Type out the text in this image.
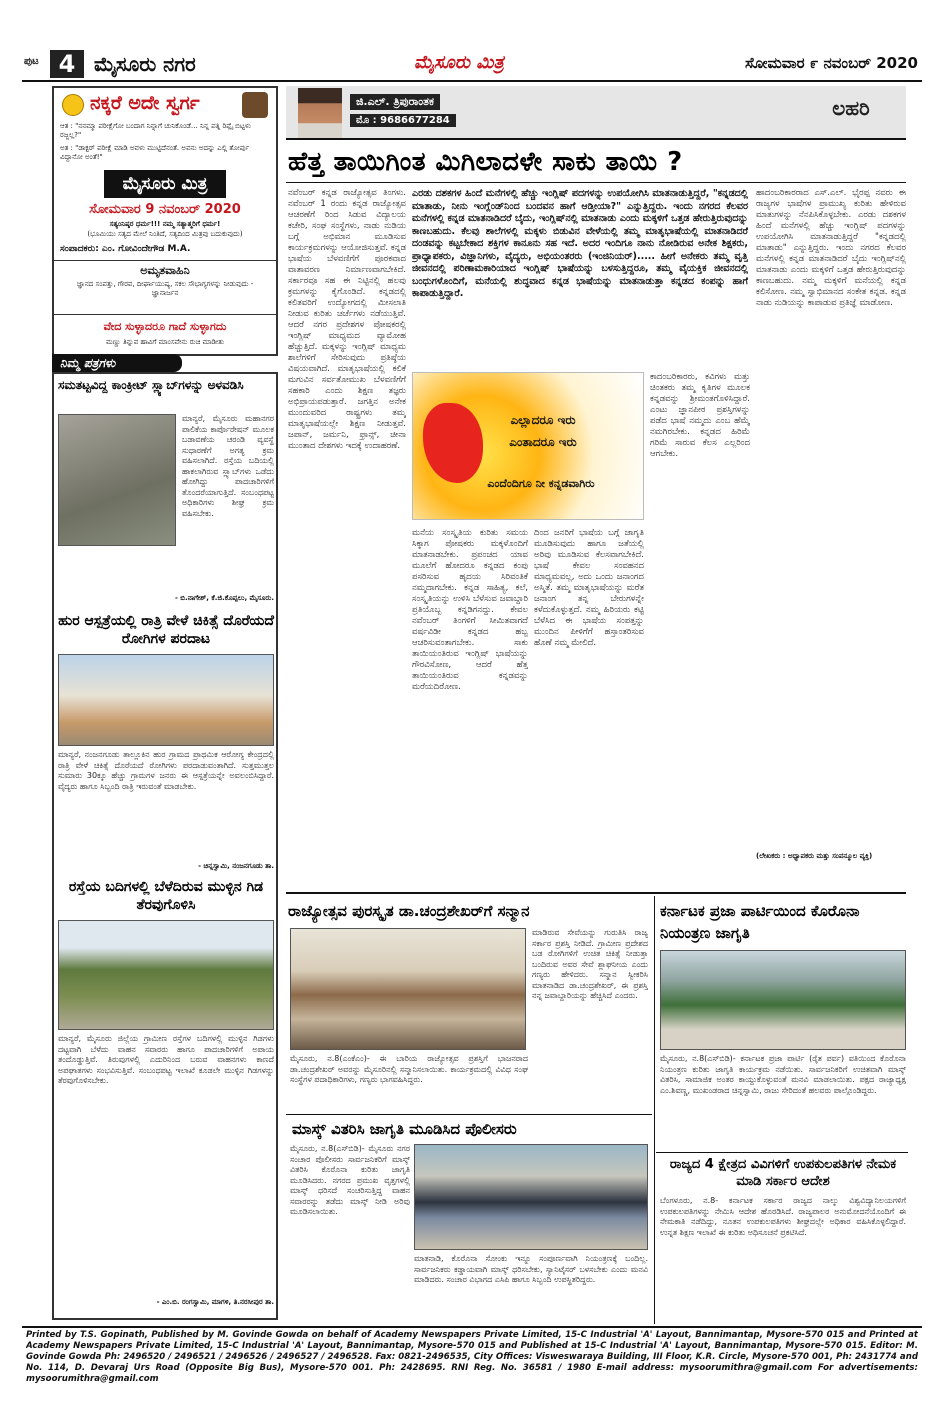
ಪುಟ 4 ಮೈಸೂರು ನಗರ	ಮೈಸೂರು ಮಿತ್ರ	ಸೋಮವಾರ ೯ ನವಂಬರ್ 2020
ನಕ್ಕರೆ ಅದೇ ಸ್ವರ್ಗ
ಆತ : "ನನಮ್ಮಾ ಪರೀಕ್ಷೆಗೋ ಬಂದಾಗ ನಿನ್ನಾಗೆ ಚುನಿಕೊಂಡೆ… ನಿನ್ನ ಪತ್ನಿ ರಿಪ್ಲೈ ಬಿಟ್ಟಳು ರಜ್ಜಲ್ಲ?"
ಅತ : "ಡಾಕ್ಟರ್ ಪರೀಕ್ಷೆ ಮಾಡಿ ಅವಳು ಮುಟ್ಟಿದೆನಂತೆ. ಅವನು ಅದನ್ನು ಎಲ್ಲಿ ತೋರ್ಪು ವಿದ್ದಾನೋ ಅಂತೆ!"
ಮೈಸೂರು ಮಿತ್ರ
ಸೋಮವಾರ 9 ನವಂಬರ್ 2020
ಸತ್ಯಂನಿಷ್ಠರ ಧರ್ಮ!!! ನಮ್ಮ ಸತ್ಯಾತ್ಮರಿಗೆ ಧರ್ಮ!
(ಭೂಮಿಯು ಸತ್ಯದ ಮೇಲೆ ನಿಂತಿದೆ, ಸತ್ಯದಿಂದ ಮಿತ್ರವು ಬದುಕುವುದು)
ಸಂಪಾದಕರು: ಎಂ. ಗೋವಿಂದೇಗೌಡ M.A.
ಅಮೃತವಾಹಿನಿ
ಜ್ಞಾನದ ಸಂಪತ್ತು, ಗೌರವ, ದೀರ್ಘಾಯುಷ್ಯ, ಸಕಲ ಸೌಭಾಗ್ಯಗಳನ್ನು ನೀಡುವುದು - ಜ್ಞಾನಾರ್ಜನ
ವೇದ ಸುಳ್ಳಾದರೂ ಗಾದೆ ಸುಳ್ಳಾಗದು
ಮಣ್ಣು ತಿನ್ನುವ ಹಾವಿಗೆ ಮಾಂಸವೇನು ರುಚಿ ಮಾಡೀತು
ನಿಮ್ಮ ಪತ್ರಗಳು
ಸಮತಟ್ಟವಿದ್ದ ಕಾಂಕ್ರೀಟ್ ಸ್ಲ್ಯಾಬ್‌ಗಳನ್ನು ಅಳವಡಿಸಿ
ಮಾನ್ಯರೆ, ಮೈಸೂರು ಮಹಾನಗರ ಪಾಲಿಕೆಯ ಕಾರ್ಪೊರೇಷನ್ ಮೂಲಕ ಬಡಾವಣೆಯ ಚರಂಡಿ ವ್ಯವಸ್ಥೆ ಸುಧಾರಣೆಗೆ ಅಗತ್ಯ ಕ್ರಮ ವಹಿಸಲಾಗಿದೆ. ರಸ್ತೆಯ ಬದಿಯಲ್ಲಿ ಹಾಕಲಾಗಿರುವ ಸ್ಲ್ಯಾಬ್‌ಗಳು ಒಡೆದು ಹೋಗಿದ್ದು ಪಾದಚಾರಿಗಳಿಗೆ ತೊಂದರೆಯಾಗುತ್ತಿದೆ. ಸಂಬಂಧಪಟ್ಟ ಅಧಿಕಾರಿಗಳು ಶೀಘ್ರ ಕ್ರಮ ವಹಿಸಬೇಕು.
- ಬಿ.ನಾಗೇಶ್, ಕೆ.ಜಿ.ಕೊಪ್ಪಲು, ಮೈಸೂರು.
ಹುರ ಆಸ್ಪತ್ರೆಯಲ್ಲಿ ರಾತ್ರಿ ವೇಳೆ ಚಿಕಿತ್ಸೆ ದೊರೆಯದೆ ರೋಗಿಗಳ ಪರದಾಟ
ಮಾನ್ಯರೆ, ನಂಜನಗೂಡು ತಾಲ್ಲೂಕಿನ ಹುರ ಗ್ರಾಮದ ಪ್ರಾಥಮಿಕ ಆರೋಗ್ಯ ಕೇಂದ್ರದಲ್ಲಿ ರಾತ್ರಿ ವೇಳೆ ಚಿಕಿತ್ಸೆ ದೊರೆಯದೆ ರೋಗಿಗಳು ಪರದಾಡುವಂತಾಗಿದೆ. ಸುತ್ತಮುತ್ತಲ ಸುಮಾರು 30ಕ್ಕೂ ಹೆಚ್ಚು ಗ್ರಾಮಗಳ ಜನರು ಈ ಆಸ್ಪತ್ರೆಯನ್ನೇ ಅವಲಂಬಿಸಿದ್ದಾರೆ. ವೈದ್ಯರು ಹಾಗೂ ಸಿಬ್ಬಂದಿ ರಾತ್ರಿ ಇರುವಂತೆ ಮಾಡಬೇಕು.
- ಚಿನ್ನಸ್ವಾಮಿ, ನಂಜನಗೂಡು ತಾ.
ರಸ್ತೆಯ ಬದಿಗಳಲ್ಲಿ ಬೆಳೆದಿರುವ ಮುಳ್ಳಿನ ಗಿಡ ತೆರವುಗೊಳಿಸಿ
ಮಾನ್ಯರೆ, ಮೈಸೂರು ಜಿಲ್ಲೆಯ ಗ್ರಾಮೀಣ ರಸ್ತೆಗಳ ಬದಿಗಳಲ್ಲಿ ಮುಳ್ಳಿನ ಗಿಡಗಳು ದಟ್ಟವಾಗಿ ಬೆಳೆದು ವಾಹನ ಸವಾರರು ಹಾಗೂ ಪಾದಚಾರಿಗಳಿಗೆ ಅಪಾಯ ತಂದೊಡ್ಡುತ್ತಿವೆ. ತಿರುವುಗಳಲ್ಲಿ ಎದುರಿನಿಂದ ಬರುವ ವಾಹನಗಳು ಕಾಣದೆ ಅಪಘಾತಗಳು ಸಂಭವಿಸುತ್ತಿವೆ. ಸಂಬಂಧಪಟ್ಟ ಇಲಾಖೆ ಕೂಡಲೇ ಮುಳ್ಳಿನ ಗಿಡಗಳನ್ನು ತೆರವುಗೊಳಿಸಬೇಕು.
- ಎಂ.ಬಿ. ರಂಗಸ್ವಾಮಿ, ಮಾಗಳಿ, ತಿ.ನರಸೀಪುರ ತಾ.
ಜಿ.ಎಲ್. ತ್ರಿಪುರಾಂತಕ
ಮೊ : 9686677284
ಲಹರಿ
ಹೆತ್ತ ತಾಯಿಗಿಂತ ಮಿಗಿಲಾದಳೇ ಸಾಕು ತಾಯಿ ?
ನವೆಂಬರ್ ಕನ್ನಡ ರಾಜ್ಯೋತ್ಸವ ತಿಂಗಳು. ನವೆಂಬರ್ 1 ರಂದು ಕನ್ನಡ ರಾಜ್ಯೋತ್ಸವ ಆಚರಣೆಗೆ ರಿಂದ ಸಿಡುವ ವಿದ್ಯಾಲಯ ಕಚೇರಿ, ಸಂಘ ಸಂಸ್ಥೆಗಳು, ನಾಡು ನುಡಿಯ ಬಗ್ಗೆ ಅಭಿಮಾನ ಮೂಡಿಸುವ ಕಾರ್ಯಕ್ರಮಗಳನ್ನು ಆಯೋಜಿಸುತ್ತವೆ. ಕನ್ನಡ ಭಾಷೆಯ ಬೆಳವಣಿಗೆಗೆ ಪೂರಕವಾದ ವಾತಾವರಣ ನಿರ್ಮಾಣವಾಗಬೇಕಿದೆ. ಸರ್ಕಾರವೂ ಸಹ ಈ ನಿಟ್ಟಿನಲ್ಲಿ ಹಲವು ಕ್ರಮಗಳನ್ನು ಕೈಗೊಂಡಿದೆ. ಕನ್ನಡದಲ್ಲಿ ಕಲಿತವರಿಗೆ ಉದ್ಯೋಗದಲ್ಲಿ ಮೀಸಲಾತಿ ನೀಡುವ ಕುರಿತು ಚರ್ಚೆಗಳು ನಡೆಯುತ್ತಿವೆ. ಆದರೆ ನಗರ ಪ್ರದೇಶಗಳ ಪೋಷಕರಲ್ಲಿ ಇಂಗ್ಲಿಷ್ ಮಾಧ್ಯಮದ ವ್ಯಾಮೋಹ ಹೆಚ್ಚುತ್ತಿದೆ. ಮಕ್ಕಳನ್ನು ಇಂಗ್ಲಿಷ್ ಮಾಧ್ಯಮ ಶಾಲೆಗಳಿಗೆ ಸೇರಿಸುವುದು ಪ್ರತಿಷ್ಠೆಯ ವಿಷಯವಾಗಿದೆ. ಮಾತೃಭಾಷೆಯಲ್ಲಿ ಕಲಿಕೆ ಮಗುವಿನ ಸರ್ವತೋಮುಖ ಬೆಳವಣಿಗೆಗೆ ಸಹಕಾರಿ ಎಂದು ಶಿಕ್ಷಣ ತಜ್ಞರು ಅಭಿಪ್ರಾಯಪಡುತ್ತಾರೆ. ಜಗತ್ತಿನ ಅನೇಕ ಮುಂದುವರಿದ ರಾಷ್ಟ್ರಗಳು ತಮ್ಮ ಮಾತೃಭಾಷೆಯಲ್ಲೇ ಶಿಕ್ಷಣ ನೀಡುತ್ತವೆ. ಜಪಾನ್, ಜರ್ಮನಿ, ಫ್ರಾನ್ಸ್, ಚೀನಾ ಮುಂತಾದ ದೇಶಗಳು ಇದಕ್ಕೆ ಉದಾಹರಣೆ.
ಎರಡು ದಶಕಗಳ ಹಿಂದೆ ಮನೆಗಳಲ್ಲಿ ಹೆಚ್ಚು ಇಂಗ್ಲಿಷ್ ಪದಗಳನ್ನು ಉಪಯೋಗಿಸಿ ಮಾತನಾಡುತ್ತಿದ್ದರೆ, "ಕನ್ನಡದಲ್ಲಿ ಮಾತಾಡು, ನೀನು ಇಂಗ್ಲೆಂಡ್‌ನಿಂದ ಬಂದವನ ಹಾಗೆ ಆಡ್ತೀಯಾ?" ಎನ್ನುತ್ತಿದ್ದರು. ಇಂದು ನಗರದ ಕೆಲವರ ಮನೆಗಳಲ್ಲಿ ಕನ್ನಡ ಮಾತನಾಡಿದರೆ ಬೈದು, ಇಂಗ್ಲಿಷ್‌ನಲ್ಲಿ ಮಾತನಾಡು ಎಂದು ಮಕ್ಕಳಿಗೆ ಒತ್ತಡ ಹೇರುತ್ತಿರುವುದನ್ನು ಕಾಣಬಹುದು. ಕೆಲವು ಶಾಲೆಗಳಲ್ಲಿ ಮಕ್ಕಳು ಬಿಡುವಿನ ವೇಳೆಯಲ್ಲಿ ತಮ್ಮ ಮಾತೃಭಾಷೆಯಲ್ಲಿ ಮಾತನಾಡಿದರೆ ದಂಡವನ್ನು ಕಟ್ಟಬೇಕಾದ ಶಕ್ತಿಗಳ ಕಾನೂನು ಸಹ ಇದೆ. ಅದರ ಇಂದಿಗೂ ನಾನು ನೋಡಿರುವ ಅನೇಕ ಶಿಕ್ಷಕರು, ಪ್ರಾಧ್ಯಾಪಕರು, ವಿಜ್ಞಾನಿಗಳು, ವೈದ್ಯರು, ಅಭಿಯಂತರರು (ಇಂಜಿನಿಯರ್)..... ಹೀಗೆ ಅನೇಕರು ತಮ್ಮ ವೃತ್ತಿ ಜೀವನದಲ್ಲಿ ಪರಿಣಾಮಕಾರಿಯಾದ ಇಂಗ್ಲಿಷ್ ಭಾಷೆಯನ್ನು ಬಳಸುತ್ತಿದ್ದರೂ, ತಮ್ಮ ವೈಯಕ್ತಿಕ ಜೀವನದಲ್ಲಿ ಬಂಧುಗಳೊಂದಿಗೆ, ಮನೆಯಲ್ಲಿ ಶುದ್ಧವಾದ ಕನ್ನಡ ಭಾಷೆಯನ್ನು ಮಾತನಾಡುತ್ತಾ ಕನ್ನಡದ ಕಂಪನ್ನು ಹಾಗೆ ಕಾಪಾಡುತ್ತಿದ್ದಾರೆ.
ಎಲ್ಲಾದರೂ ಇರು
ಎಂತಾದರೂ ಇರು
ಎಂದೆಂದಿಗೂ ನೀ ಕನ್ನಡವಾಗಿರು
ಮನೆಯ ಸಂಸ್ಕೃತಿಯ ಕುರಿತು ಸಮಯ ಸಿಕ್ಕಾಗ ಪೋಷಕರು ಮಕ್ಕಳೊಂದಿಗೆ ಮಾತನಾಡಬೇಕು. ಪ್ರಪಂಚದ ಯಾವ ಮೂಲೆಗೆ ಹೋದರೂ ಕನ್ನಡದ ಕಂಪು ಪಸರಿಸುವ ಹೃದಯ ಸಿರಿವಂತಿಕೆ ನಮ್ಮದಾಗಬೇಕು. ಕನ್ನಡ ಸಾಹಿತ್ಯ, ಕಲೆ, ಸಂಸ್ಕೃತಿಯನ್ನು ಉಳಿಸಿ ಬೆಳೆಸುವ ಜವಾಬ್ದಾರಿ ಪ್ರತಿಯೊಬ್ಬ ಕನ್ನಡಿಗನದ್ದು. ಕೇವಲ ನವೆಂಬರ್ ತಿಂಗಳಿಗೆ ಸೀಮಿತವಾಗದೆ ವರ್ಷವಿಡೀ ಕನ್ನಡದ ಹಬ್ಬ ಆಚರಿಸುವಂತಾಗಬೇಕು. ಸಾಕು ತಾಯಿಯಂತಿರುವ ಇಂಗ್ಲಿಷ್ ಭಾಷೆಯನ್ನು ಗೌರವಿಸೋಣ, ಆದರೆ ಹೆತ್ತ ತಾಯಿಯಂತಿರುವ ಕನ್ನಡವನ್ನು ಮರೆಯದಿರೋಣ.
ದಿಂದ ಜನರಿಗೆ ಭಾಷೆಯ ಬಗ್ಗೆ ಜಾಗೃತಿ ಮೂಡಿಸುವುದು ಹಾಗೂ ಜತೆಯಲ್ಲಿ ಅರಿವು ಮೂಡಿಸುವ ಕೆಲಸವಾಗಬೇಕಿದೆ. ಭಾಷೆ ಕೇವಲ ಸಂವಹನದ ಮಾಧ್ಯಮವಲ್ಲ, ಅದು ಒಂದು ಜನಾಂಗದ ಅಸ್ಮಿತೆ. ತಮ್ಮ ಮಾತೃಭಾಷೆಯನ್ನು ಮರೆತ ಜನಾಂಗ ತನ್ನ ಬೇರುಗಳನ್ನೇ ಕಳೆದುಕೊಳ್ಳುತ್ತದೆ. ನಮ್ಮ ಹಿರಿಯರು ಕಟ್ಟಿ ಬೆಳೆಸಿದ ಈ ಭಾಷೆಯ ಸಂಪತ್ತನ್ನು ಮುಂದಿನ ಪೀಳಿಗೆಗೆ ಹಸ್ತಾಂತರಿಸುವ ಹೊಣೆ ನಮ್ಮ ಮೇಲಿದೆ.
ಕಾದಂಬರಿಕಾರರು, ಕವಿಗಳು ಮತ್ತು ಚಿಂತಕರು ತಮ್ಮ ಕೃತಿಗಳ ಮೂಲಕ ಕನ್ನಡವನ್ನು ಶ್ರೀಮಂತಗೊಳಿಸಿದ್ದಾರೆ. ಎಂಟು ಜ್ಞಾನಪೀಠ ಪ್ರಶಸ್ತಿಗಳನ್ನು ಪಡೆದ ಭಾಷೆ ನಮ್ಮದು ಎಂಬ ಹೆಮ್ಮೆ ನಮಗಿರಬೇಕು. ಕನ್ನಡದ ಹಿರಿಮೆ ಗರಿಮೆ ಸಾರುವ ಕೆಲಸ ಎಲ್ಲರಿಂದ ಆಗಬೇಕು.
ಹಾದಂಬರಿಕಾರರಾದ ಎಸ್.ಎಲ್. ಭೈರಪ್ಪ ನವರು ಈ ರಾಜ್ಯಗಳ ಭಾಷೆಗಳ ಪ್ರಾಮುಖ್ಯ ಕುರಿತು ಹೇಳಿರುವ ಮಾತುಗಳನ್ನು ನೆನಪಿಸಿಕೊಳ್ಳಬೇಕು. ಎರಡು ದಶಕಗಳ ಹಿಂದೆ ಮನೆಗಳಲ್ಲಿ ಹೆಚ್ಚು ಇಂಗ್ಲಿಷ್ ಪದಗಳನ್ನು ಉಪಯೋಗಿಸಿ ಮಾತನಾಡುತ್ತಿದ್ದರೆ "ಕನ್ನಡದಲ್ಲಿ ಮಾತಾಡು" ಎನ್ನುತ್ತಿದ್ದರು. ಇಂದು ನಗರದ ಕೆಲವರ ಮನೆಗಳಲ್ಲಿ ಕನ್ನಡ ಮಾತನಾಡಿದರೆ ಬೈದು ಇಂಗ್ಲಿಷ್‌ನಲ್ಲಿ ಮಾತನಾಡು ಎಂದು ಮಕ್ಕಳಿಗೆ ಒತ್ತಡ ಹೇರುತ್ತಿರುವುದನ್ನು ಕಾಣಬಹುದು. ನಮ್ಮ ಮಕ್ಕಳಿಗೆ ಮನೆಯಲ್ಲಿ ಕನ್ನಡ ಕಲಿಸೋಣ. ನಮ್ಮ ಸ್ವಾಭಿಮಾನದ ಸಂಕೇತ ಕನ್ನಡ. ಕನ್ನಡ ನಾಡು ನುಡಿಯನ್ನು ಕಾಪಾಡುವ ಪ್ರತಿಜ್ಞೆ ಮಾಡೋಣ.
(ಲೇಖಕರು : ಅಧ್ಯಾಪಕರು ಮತ್ತು ಸಂಪನ್ಮೂಲ ವ್ಯಕ್ತಿ)
ರಾಜ್ಯೋತ್ಸವ ಪುರಸ್ಕೃತ ಡಾ.ಚಂದ್ರಶೇಖರ್‌ಗೆ ಸನ್ಮಾನ
ಮಾಡಿರುವ ಸೇವೆಯನ್ನು ಗುರುತಿಸಿ ರಾಜ್ಯ ಸರ್ಕಾರ ಪ್ರಶಸ್ತಿ ನೀಡಿದೆ. ಗ್ರಾಮೀಣ ಪ್ರದೇಶದ ಬಡ ರೋಗಿಗಳಿಗೆ ಉಚಿತ ಚಿಕಿತ್ಸೆ ನೀಡುತ್ತಾ ಬಂದಿರುವ ಅವರ ಸೇವೆ ಶ್ಲಾಘನೀಯ ಎಂದು ಗಣ್ಯರು ಹೇಳಿದರು. ಸನ್ಮಾನ ಸ್ವೀಕರಿಸಿ ಮಾತನಾಡಿದ ಡಾ.ಚಂದ್ರಶೇಖರ್, ಈ ಪ್ರಶಸ್ತಿ ನನ್ನ ಜವಾಬ್ದಾರಿಯನ್ನು ಹೆಚ್ಚಿಸಿದೆ ಎಂದರು.
ಮೈಸೂರು, ನ.8(ಎಂಕೆಎಂ)- ಈ ಬಾರಿಯ ರಾಜ್ಯೋತ್ಸವ ಪ್ರಶಸ್ತಿಗೆ ಭಾಜನರಾದ ಡಾ.ಚಂದ್ರಶೇಖರ್ ಅವರನ್ನು ಮೈಸೂರಿನಲ್ಲಿ ಸನ್ಮಾನಿಸಲಾಯಿತು. ಕಾರ್ಯಕ್ರಮದಲ್ಲಿ ವಿವಿಧ ಸಂಘ ಸಂಸ್ಥೆಗಳ ಪದಾಧಿಕಾರಿಗಳು, ಗಣ್ಯರು ಭಾಗವಹಿಸಿದ್ದರು.
ಕರ್ನಾಟಕ ಪ್ರಜಾ ಪಾರ್ಟಿಯಿಂದ ಕೊರೊನಾ ನಿಯಂತ್ರಣ ಜಾಗೃತಿ
ಮೈಸೂರು, ನ.8(ಎಸ್‌ಬಿಡಿ)- ಕರ್ನಾಟಕ ಪ್ರಜಾ ಪಾರ್ಟಿ (ರೈತ ಪರ್ವ) ವತಿಯಿಂದ ಕೊರೊನಾ ನಿಯಂತ್ರಣ ಕುರಿತು ಜಾಗೃತಿ ಕಾರ್ಯಕ್ರಮ ನಡೆಯಿತು. ಸಾರ್ವಜನಿಕರಿಗೆ ಉಚಿತವಾಗಿ ಮಾಸ್ಕ್ ವಿತರಿಸಿ, ಸಾಮಾಜಿಕ ಅಂತರ ಕಾಯ್ದುಕೊಳ್ಳುವಂತೆ ಮನವಿ ಮಾಡಲಾಯಿತು. ಪಕ್ಷದ ರಾಜ್ಯಾಧ್ಯಕ್ಷ ಎಂ.ಶಿವಣ್ಣ, ಮುಖಂಡರಾದ ಚಿನ್ನಸ್ವಾಮಿ, ರಾಜು ಸೇರಿದಂತೆ ಹಲವರು ಪಾಲ್ಗೊಂಡಿದ್ದರು.
ಮಾಸ್ಕ್ ವಿತರಿಸಿ ಜಾಗೃತಿ ಮೂಡಿಸಿದ ಪೊಲೀಸರು
ಮೈಸೂರು, ನ.8(ಎಸ್‌ಬಿಡಿ)- ಮೈಸೂರು ನಗರ ಸಂಚಾರ ಪೊಲೀಸರು ಸಾರ್ವಜನಿಕರಿಗೆ ಮಾಸ್ಕ್ ವಿತರಿಸಿ ಕೊರೊನಾ ಕುರಿತು ಜಾಗೃತಿ ಮೂಡಿಸಿದರು. ನಗರದ ಪ್ರಮುಖ ವೃತ್ತಗಳಲ್ಲಿ ಮಾಸ್ಕ್ ಧರಿಸದೆ ಸಂಚರಿಸುತ್ತಿದ್ದ ವಾಹನ ಸವಾರರನ್ನು ತಡೆದು ಮಾಸ್ಕ್ ನೀಡಿ ಅರಿವು ಮೂಡಿಸಲಾಯಿತು.
ಮಾತನಾಡಿ, ಕೊರೊನಾ ಸೋಂಕು ಇನ್ನೂ ಸಂಪೂರ್ಣವಾಗಿ ನಿಯಂತ್ರಣಕ್ಕೆ ಬಂದಿಲ್ಲ. ಸಾರ್ವಜನಿಕರು ಕಡ್ಡಾಯವಾಗಿ ಮಾಸ್ಕ್ ಧರಿಸಬೇಕು, ಸ್ಯಾನಿಟೈಸರ್ ಬಳಸಬೇಕು ಎಂದು ಮನವಿ ಮಾಡಿದರು. ಸಂಚಾರ ವಿಭಾಗದ ಎಸಿಪಿ ಹಾಗೂ ಸಿಬ್ಬಂದಿ ಉಪಸ್ಥಿತರಿದ್ದರು.
ರಾಜ್ಯದ 4 ಕ್ಷೇತ್ರದ ವಿವಿಗಳಿಗೆ ಉಪಕುಲಪತಿಗಳ ನೇಮಕ ಮಾಡಿ ಸರ್ಕಾರ ಆದೇಶ
ಬೆಂಗಳೂರು, ನ.8- ಕರ್ನಾಟಕ ಸರ್ಕಾರ ರಾಜ್ಯದ ನಾಲ್ಕು ವಿಶ್ವವಿದ್ಯಾನಿಲಯಗಳಿಗೆ ಉಪಕುಲಪತಿಗಳನ್ನು ನೇಮಿಸಿ ಆದೇಶ ಹೊರಡಿಸಿದೆ. ರಾಜ್ಯಪಾಲರ ಅನುಮೋದನೆಯೊಂದಿಗೆ ಈ ನೇಮಕಾತಿ ನಡೆದಿದ್ದು, ನೂತನ ಉಪಕುಲಪತಿಗಳು ಶೀಘ್ರದಲ್ಲೇ ಅಧಿಕಾರ ವಹಿಸಿಕೊಳ್ಳಲಿದ್ದಾರೆ. ಉನ್ನತ ಶಿಕ್ಷಣ ಇಲಾಖೆ ಈ ಕುರಿತು ಅಧಿಸೂಚನೆ ಪ್ರಕಟಿಸಿದೆ.
Printed by T.S. Gopinath, Published by M. Govinde Gowda on behalf of Academy Newspapers Private Limited, 15-C Industrial 'A' Layout, Bannimantap, Mysore-570 015 and Printed at Academy Newspapers Private Limited, 15-C Industrial 'A' Layout, Bannimantap, Mysore-570 015 and Published at 15-C Industrial 'A' Layout, Bannimantap, Mysore-570 015. Editor: M. Govinde Gowda Ph: 2496520 / 2496521 / 2496526 / 2496527 / 2496528. Fax: 0821-2496535, City Offices: Visweswaraya Building, III Floor, K.R. Circle, Mysore-570 001, Ph: 2431774 and No. 114, D. Devaraj Urs Road (Opposite Big Bus), Mysore-570 001. Ph: 2428695. RNI Reg. No. 36581 / 1980 E-mail address: mysoorumithra@gmail.com For advertisements: mysoorumithra@gmail.com
